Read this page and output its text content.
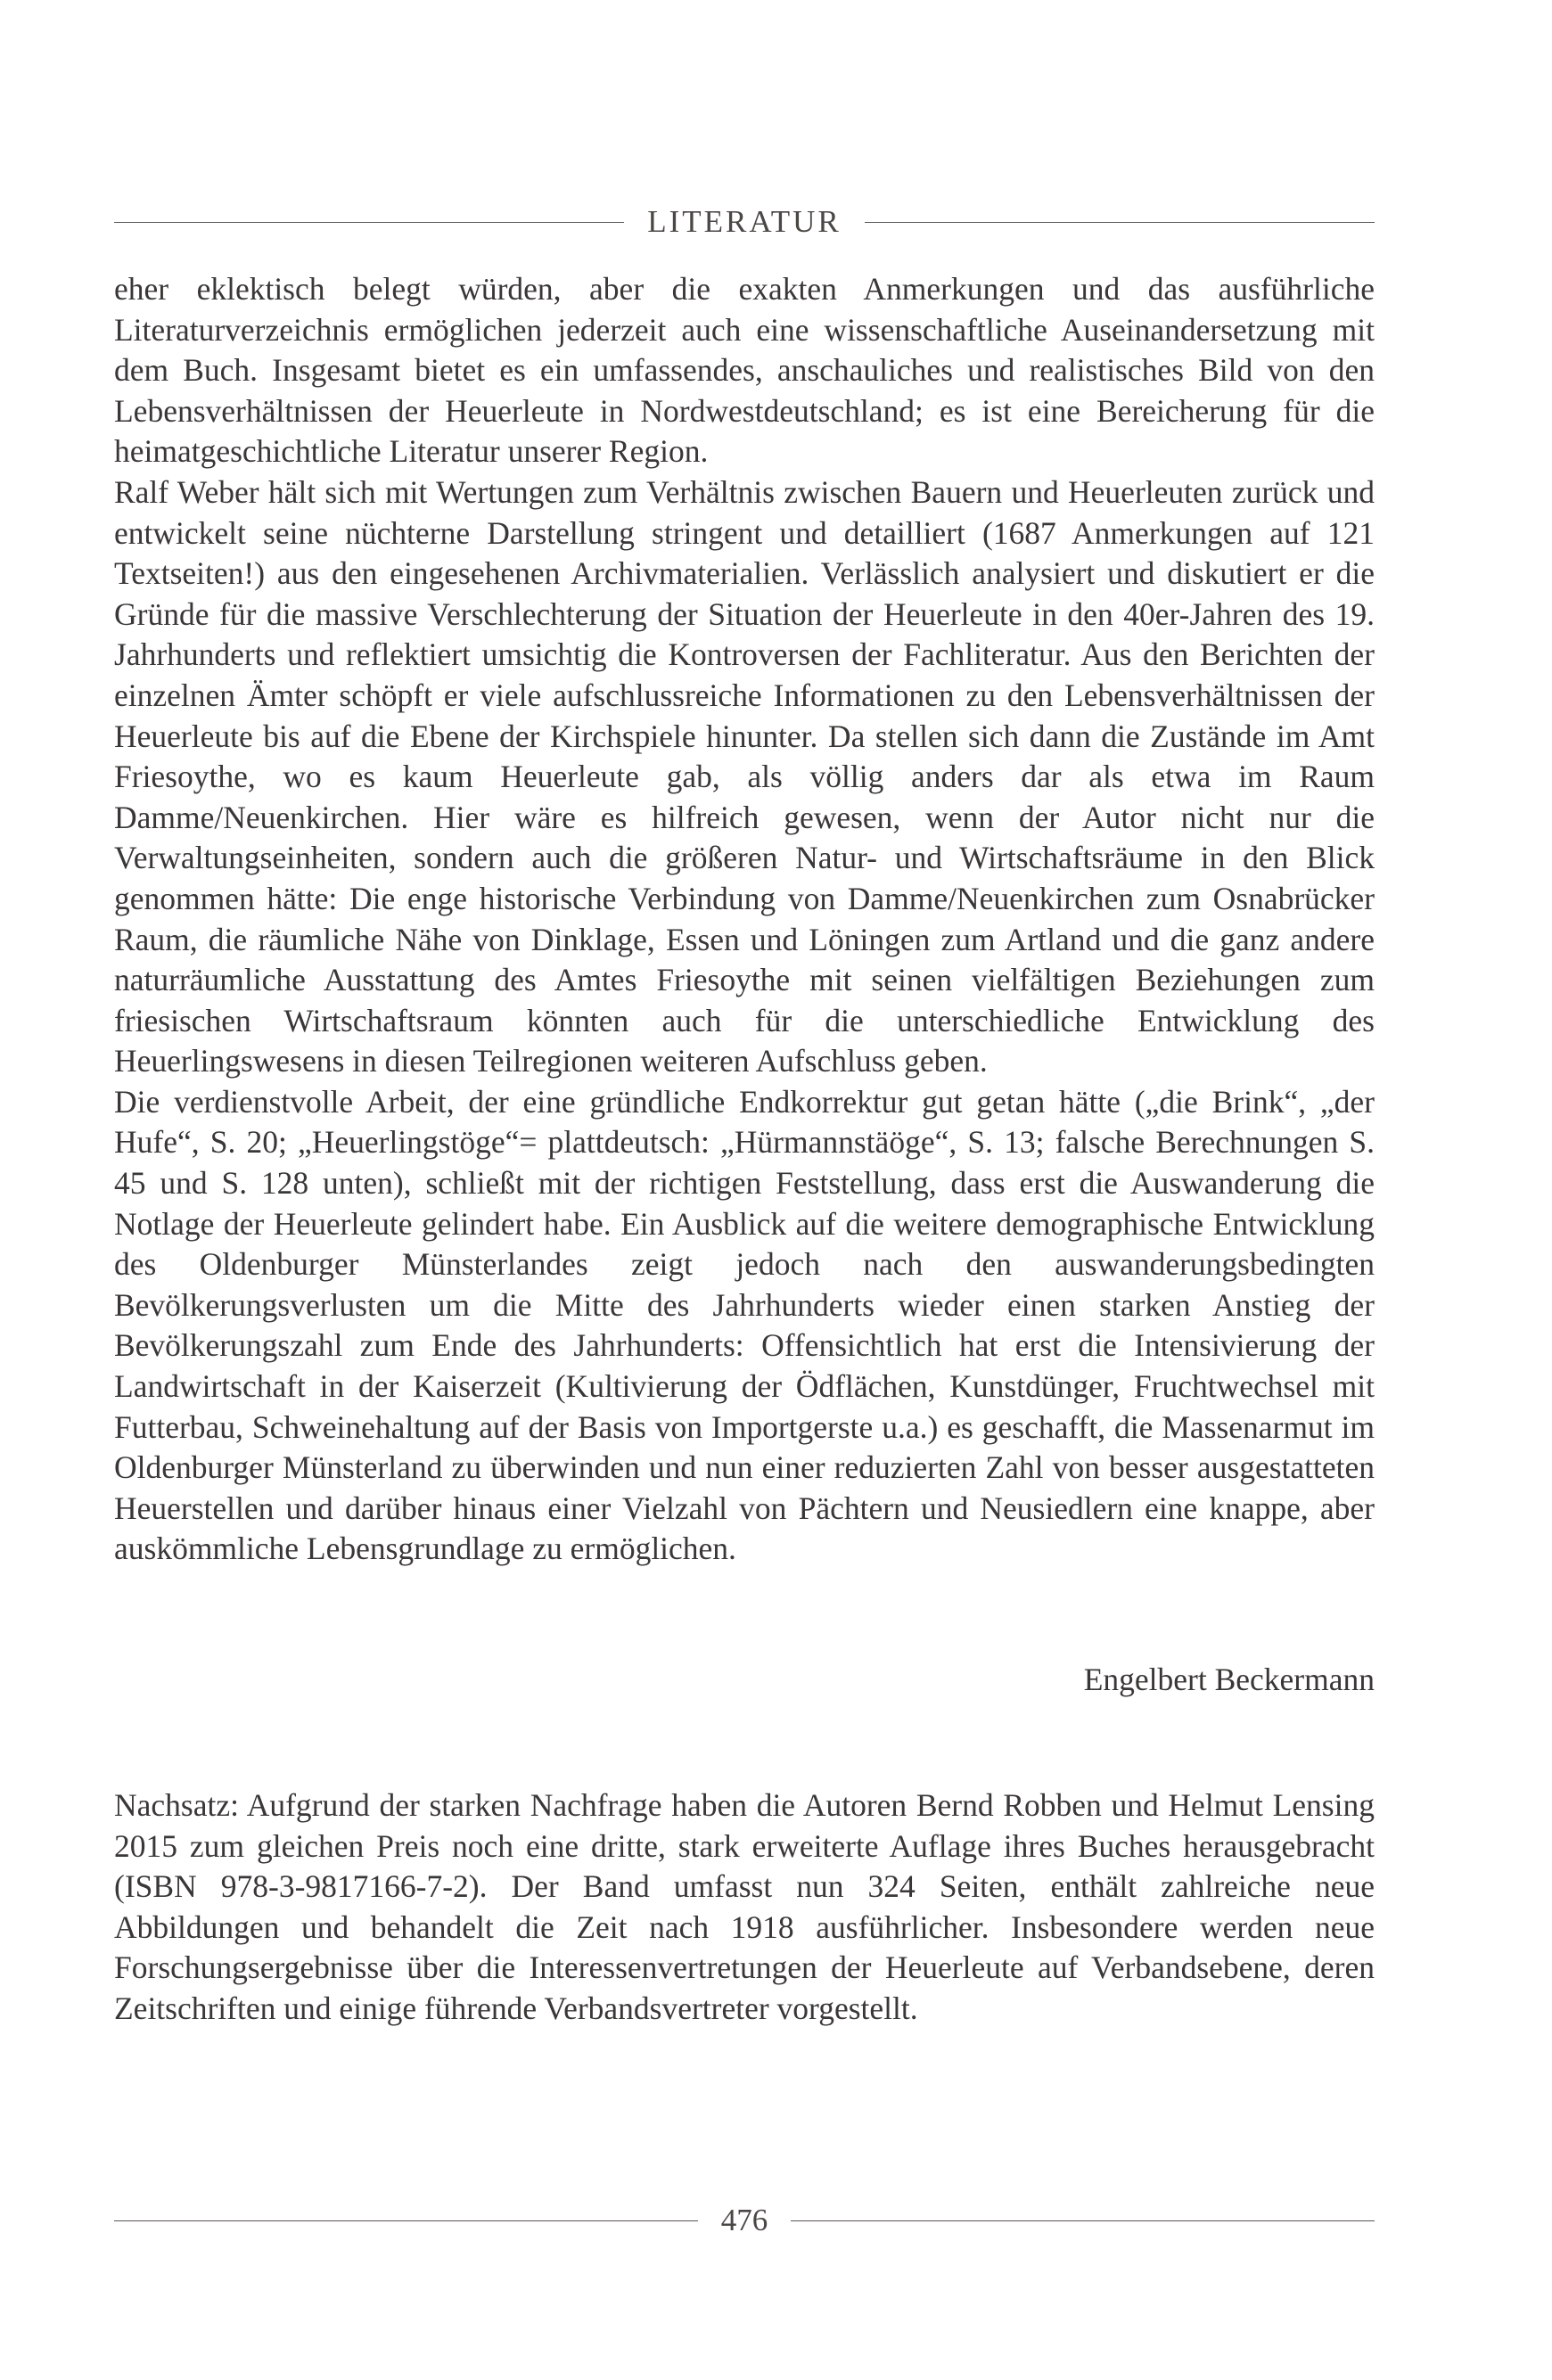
LITERATUR

eher eklektisch belegt würden, aber die exakten Anmerkungen und das ausführliche Literaturverzeichnis ermöglichen jederzeit auch eine wissenschaftliche Auseinandersetzung mit dem Buch. Insgesamt bietet es ein umfassendes, anschauliches und realistisches Bild von den Lebensverhältnissen der Heuerleute in Nordwestdeutschland; es ist eine Bereicherung für die heimatgeschichtliche Literatur unserer Region.

Ralf Weber hält sich mit Wertungen zum Verhältnis zwischen Bauern und Heuerleuten zurück und entwickelt seine nüchterne Darstellung stringent und detailliert (1687 Anmerkungen auf 121 Textseiten!) aus den eingesehenen Archivmaterialien. Verlässlich analysiert und diskutiert er die Gründe für die massive Verschlechterung der Situation der Heuerleute in den 40er-Jahren des 19. Jahrhunderts und reflektiert umsichtig die Kontroversen der Fachliteratur. Aus den Berichten der einzelnen Ämter schöpft er viele aufschlussreiche Informationen zu den Lebensverhältnissen der Heuerleute bis auf die Ebene der Kirchspiele hinunter. Da stellen sich dann die Zustände im Amt Friesoythe, wo es kaum Heuerleute gab, als völlig anders dar als etwa im Raum Damme/Neuenkirchen. Hier wäre es hilfreich gewesen, wenn der Autor nicht nur die Verwaltungseinheiten, sondern auch die größeren Natur- und Wirtschaftsräume in den Blick genommen hätte: Die enge historische Verbindung von Damme/Neuenkirchen zum Osnabrücker Raum, die räumliche Nähe von Dinklage, Essen und Löningen zum Artland und die ganz andere naturräumliche Ausstattung des Amtes Friesoythe mit seinen vielfältigen Beziehungen zum friesischen Wirtschaftsraum könnten auch für die unterschiedliche Entwicklung des Heuerlingswesens in diesen Teilregionen weiteren Aufschluss geben.

Die verdienstvolle Arbeit, der eine gründliche Endkorrektur gut getan hätte („die Brink“, „der Hufe“, S. 20; „Heuerlingstöge“= plattdeutsch: „Hürmannstäöge“, S. 13; falsche Berechnungen S. 45 und S. 128 unten), schließt mit der richtigen Feststellung, dass erst die Auswanderung die Notlage der Heuerleute gelindert habe. Ein Ausblick auf die weitere demographische Entwicklung des Oldenburger Münsterlandes zeigt jedoch nach den auswanderungsbedingten Bevölkerungsverlusten um die Mitte des Jahrhunderts wieder einen starken Anstieg der Bevölkerungszahl zum Ende des Jahrhunderts: Offensichtlich hat erst die Intensivierung der Landwirtschaft in der Kaiserzeit (Kultivierung der Ödflächen, Kunstdünger, Fruchtwechsel mit Futterbau, Schweinehaltung auf der Basis von Importgerste u.a.) es geschafft, die Massenarmut im Oldenburger Münsterland zu überwinden und nun einer reduzierten Zahl von besser ausgestatteten Heuerstellen und darüber hinaus einer Vielzahl von Pächtern und Neusiedlern eine knappe, aber auskömmliche Lebensgrundlage zu ermöglichen.

Engelbert Beckermann

Nachsatz: Aufgrund der starken Nachfrage haben die Autoren Bernd Robben und Helmut Lensing 2015 zum gleichen Preis noch eine dritte, stark erweiterte Auflage ihres Buches herausgebracht (ISBN 978-3-9817166-7-2). Der Band umfasst nun 324 Seiten, enthält zahlreiche neue Abbildungen und behandelt die Zeit nach 1918 ausführlicher. Insbesondere werden neue Forschungsergebnisse über die Interessenvertretungen der Heuerleute auf Verbandsebene, deren Zeitschriften und einige führende Verbandsvertreter vorgestellt.

476
